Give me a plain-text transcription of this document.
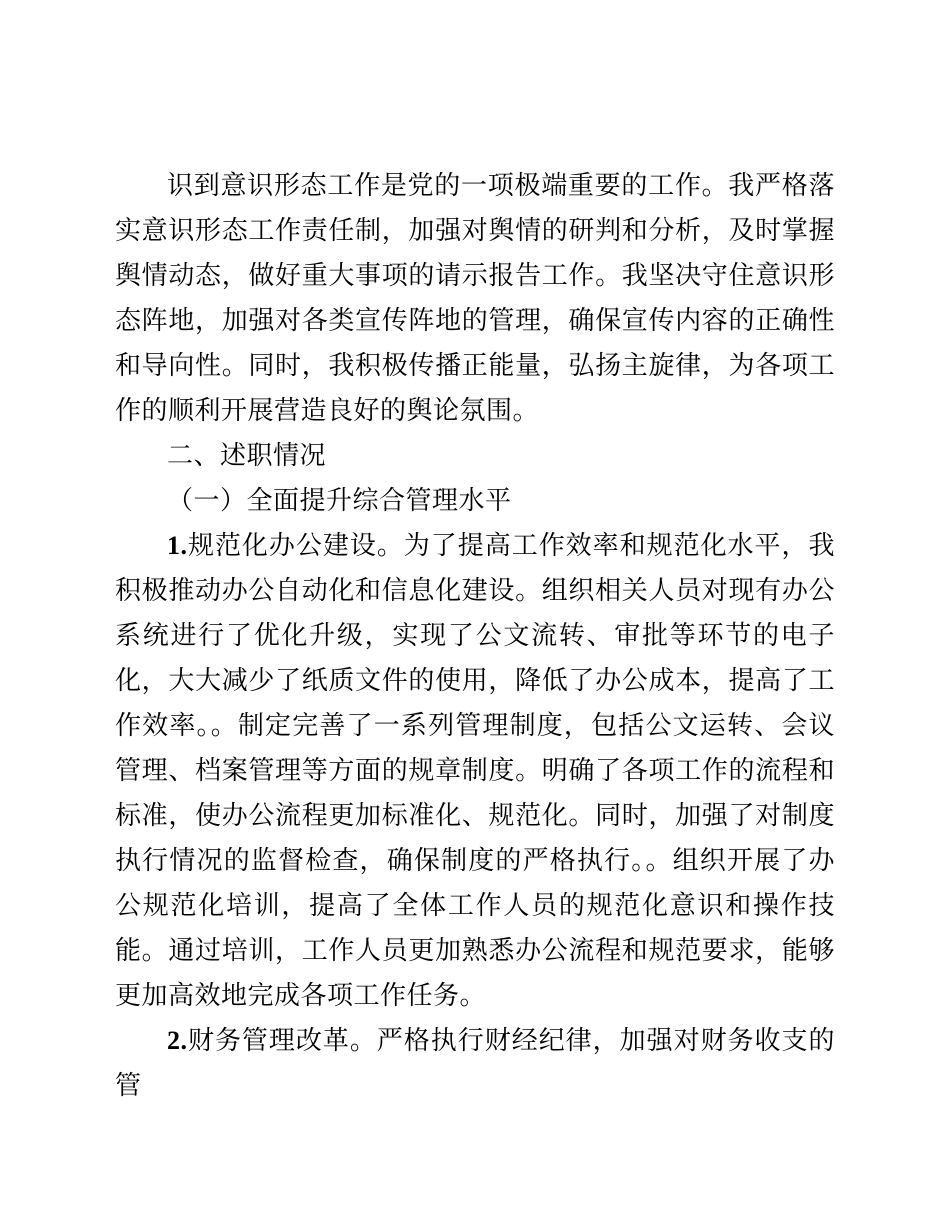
识到意识形态工作是党的一项极端重要的工作。我严格落实意识形态工作责任制，加强对舆情的研判和分析，及时掌握舆情动态，做好重大事项的请示报告工作。我坚决守住意识形态阵地，加强对各类宣传阵地的管理，确保宣传内容的正确性和导向性。同时，我积极传播正能量，弘扬主旋律，为各项工作的顺利开展营造良好的舆论氛围。

二、述职情况

（一）全面提升综合管理水平

1.规范化办公建设。为了提高工作效率和规范化水平，我积极推动办公自动化和信息化建设。组织相关人员对现有办公系统进行了优化升级，实现了公文流转、审批等环节的电子化，大大减少了纸质文件的使用，降低了办公成本，提高了工作效率。。制定完善了一系列管理制度，包括公文运转、会议管理、档案管理等方面的规章制度。明确了各项工作的流程和标准，使办公流程更加标准化、规范化。同时，加强了对制度执行情况的监督检查，确保制度的严格执行。。组织开展了办公规范化培训，提高了全体工作人员的规范化意识和操作技能。通过培训，工作人员更加熟悉办公流程和规范要求，能够更加高效地完成各项工作任务。

2.财务管理改革。严格执行财经纪律，加强对财务收支的管
